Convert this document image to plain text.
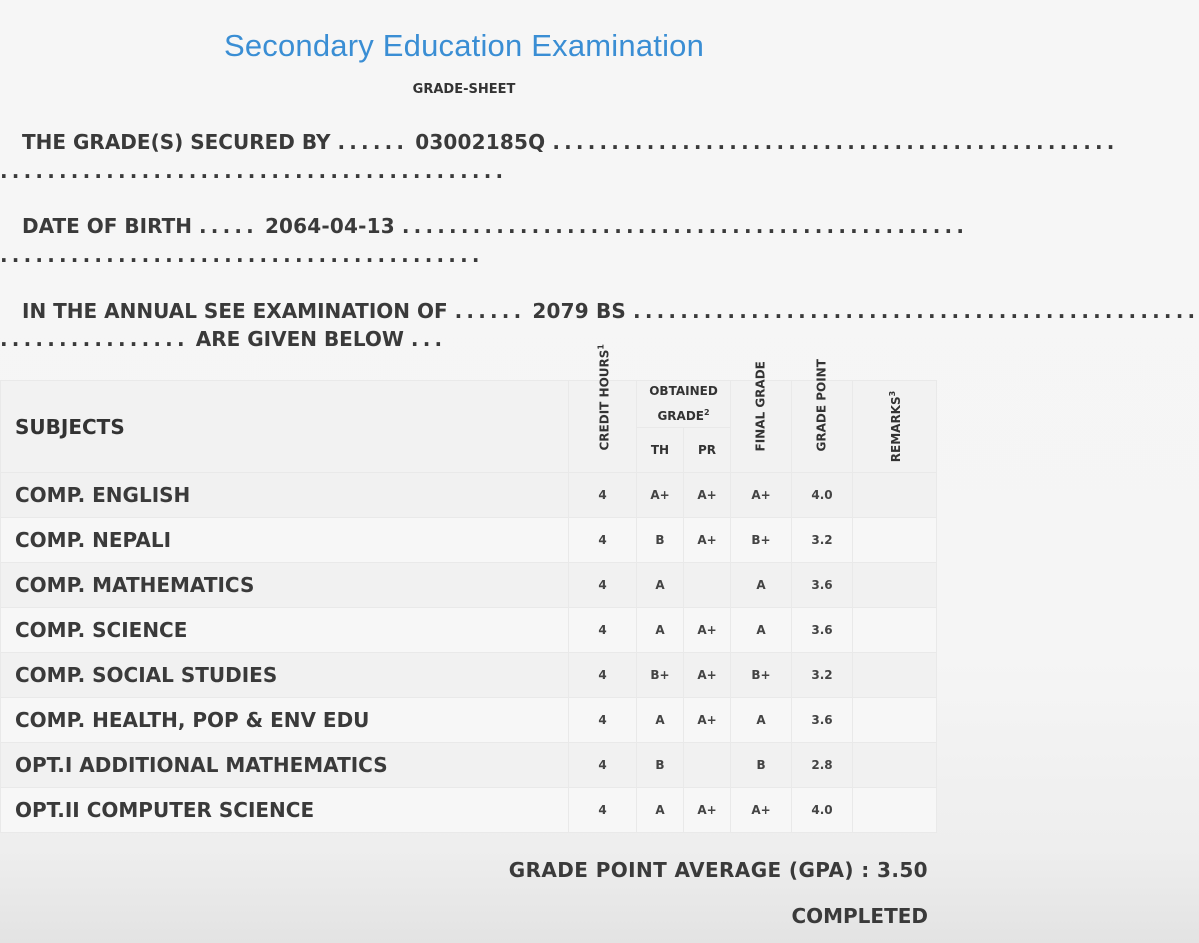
Secondary Education Examination
GRADE-SHEET
THE GRADE(S) SECURED BY ...... 03002185Q ................................................
...........................................
DATE OF BIRTH ..... 2064-04-13 ................................................
.........................................
IN THE ANNUAL SEE EXAMINATION OF ...... 2079 BS ................................................
................ ARE GIVEN BELOW ...
SUBJECTS	CREDIT HOURS$^1$	OBTAINED GRADE$^2$		FINAL GRADE	GRADE POINT	REMARKS$^3$
		TH	PR			
COMP. ENGLISH	4	A+	A+	A+	4.0	
COMP. NEPALI	4	B	A+	B+	3.2	
COMP. MATHEMATICS	4	A		A	3.6	
COMP. SCIENCE	4	A	A+	A	3.6	
COMP. SOCIAL STUDIES	4	B+	A+	B+	3.2	
COMP. HEALTH, POP & ENV EDU	4	A	A+	A	3.6	
OPT.I ADDITIONAL MATHEMATICS	4	B		B	2.8	
OPT.II COMPUTER SCIENCE	4	A	A+	A+	4.0	
GRADE POINT AVERAGE (GPA) : 3.50
COMPLETED
